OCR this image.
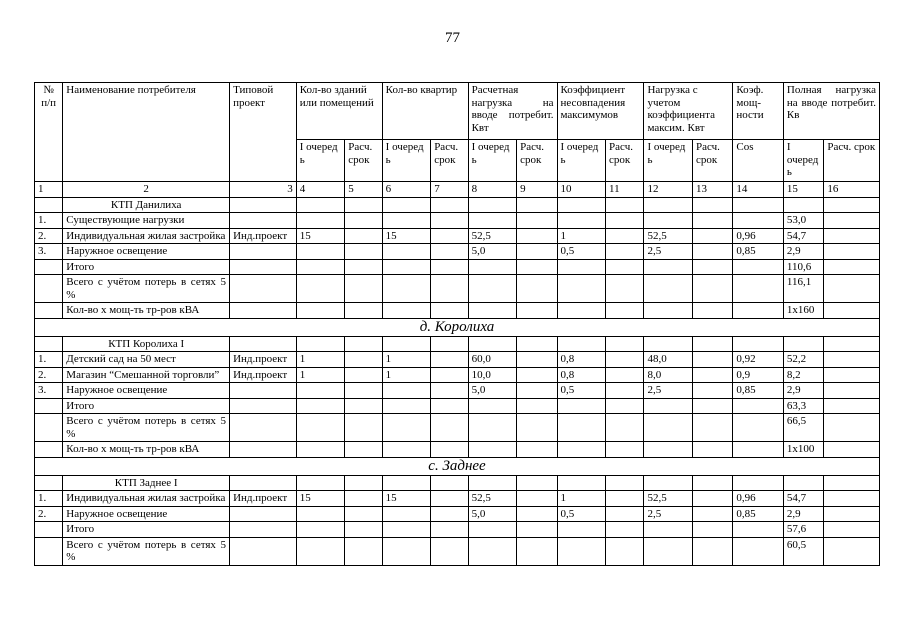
77
№ п/п	Наименование потребителя	Типовой проект	Кол-во зданий или помещений		Кол-во квартир		Расчетная нагрузка на вводе потребит. Квт		Коэффициент несовпадения максимумов		Нагрузка с учетом коэффициента максим. Квт		Коэф. мощ-ности	Полная нагрузка на вводе потребит. Кв	
			I очеред ь	Расч. срок	I очеред ь	Расч. срок	I очеред ь	Расч. срок	I очеред ь	Расч. срок	I очеред ь	Расч. срок	Cos	I очеред ь	Расч. срок
1	2	3	4	5	6	7	8	9	10	11	12	13	14	15	16
	КТП Данилиха														
1.	Существующие нагрузки													53,0	
2.	Индивидуальная жилая застройка	Инд.проект	15		15		52,5		1		52,5		0,96	54,7	
3.	Наружное освещение						5,0		0,5		2,5		0,85	2,9	
	Итого													110,6	
	Всего с учётом потерь в сетях 5 %													116,1	
	Кол-во х мощ-ть тр-ров кВА													1х160	
д. Королиха															
	КТП Королиха I														
1.	Детский сад на 50 мест	Инд.проект	1		1		60,0		0,8		48,0		0,92	52,2	
2.	Магазин “Смешанной торговли”	Инд.проект	1		1		10,0		0,8		8,0		0,9	8,2	
3.	Наружное освещение						5,0		0,5		2,5		0,85	2,9	
	Итого													63,3	
	Всего с учётом потерь в сетях 5 %													66,5	
	Кол-во х мощ-ть тр-ров кВА													1х100	
с. Заднее															
	КТП Заднее I														
1.	Индивидуальная жилая застройка	Инд.проект	15		15		52,5		1		52,5		0,96	54,7	
2.	Наружное освещение						5,0		0,5		2,5		0,85	2,9	
	Итого													57,6	
	Всего с учётом потерь в сетях 5 %													60,5	
